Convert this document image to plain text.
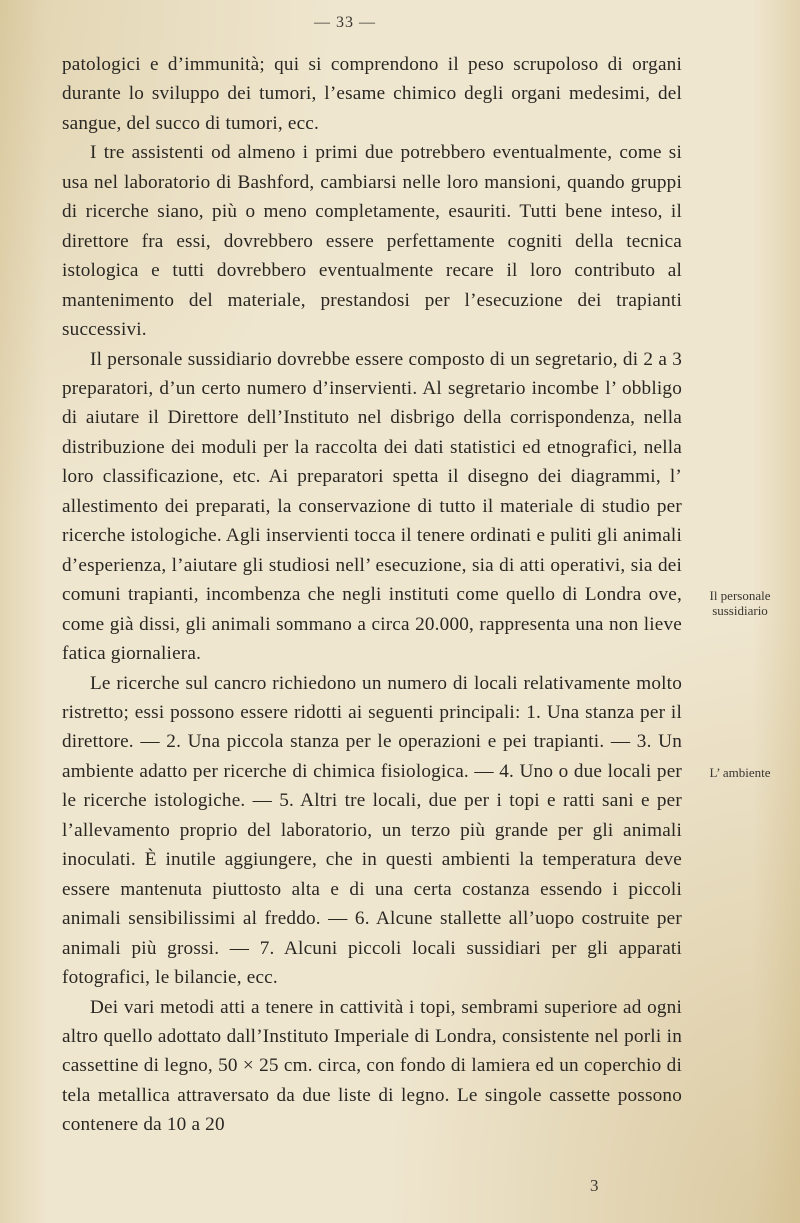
— 33 —

patologici e d’immunità; qui si comprendono il peso scrupoloso di organi durante lo sviluppo dei tumori, l’esame chimico degli organi medesimi, del sangue, del succo di tumori, ecc.

I tre assistenti od almeno i primi due potrebbero eventualmente, come si usa nel laboratorio di Bashford, cambiarsi nelle loro mansioni, quando gruppi di ricerche siano, più o meno completamente, esauriti. Tutti bene inteso, il direttore fra essi, dovrebbero essere perfettamente cogniti della tecnica istologica e tutti dovrebbero eventualmente recare il loro contributo al mantenimento del materiale, prestandosi per l’esecuzione dei trapianti successivi.

Il personale sussidiario dovrebbe essere composto di un segretario, di 2 a 3 preparatori, d’un certo numero d’inservienti. Al segretario incombe l’ obbligo di aiutare il Direttore dell’Instituto nel disbrigo della corrispondenza, nella distribuzione dei moduli per la raccolta dei dati statistici ed etnografici, nella loro classificazione, etc. Ai preparatori spetta il disegno dei diagrammi, l’ allestimento dei preparati, la conservazione di tutto il materiale di studio per ricerche istologiche. Agli inservienti tocca il tenere ordinati e puliti gli animali d’esperienza, l’aiutare gli studiosi nell’ esecuzione, sia di atti operativi, sia dei comuni trapianti, incombenza che negli instituti come quello di Londra ove, come già dissi, gli animali sommano a circa 20.000, rappresenta una non lieve fatica giornaliera.

Le ricerche sul cancro richiedono un numero di locali relativamente molto ristretto; essi possono essere ridotti ai seguenti principali: 1. Una stanza per il direttore. — 2. Una piccola stanza per le operazioni e pei trapianti. — 3. Un ambiente adatto per ricerche di chimica fisiologica. — 4. Uno o due locali per le ricerche istologiche. — 5. Altri tre locali, due per i topi e ratti sani e per l’allevamento proprio del laboratorio, un terzo più grande per gli animali inoculati. È inutile aggiungere, che in questi ambienti la temperatura deve essere mantenuta piuttosto alta e di una certa costanza essendo i piccoli animali sensibilissimi al freddo. — 6. Alcune stallette all’uopo costruite per animali più grossi. — 7. Alcuni piccoli locali sussidiari per gli apparati fotografici, le bilancie, ecc.

Dei vari metodi atti a tenere in cattività i topi, sembrami superiore ad ogni altro quello adottato dall’Instituto Imperiale di Londra, consistente nel porli in cassettine di legno, 50 × 25 cm. circa, con fondo di lamiera ed un coperchio di tela metallica attraversato da due liste di legno. Le singole cassette possono contenere da 10 a 20

Il personale sussidiario
L’ ambiente
3
